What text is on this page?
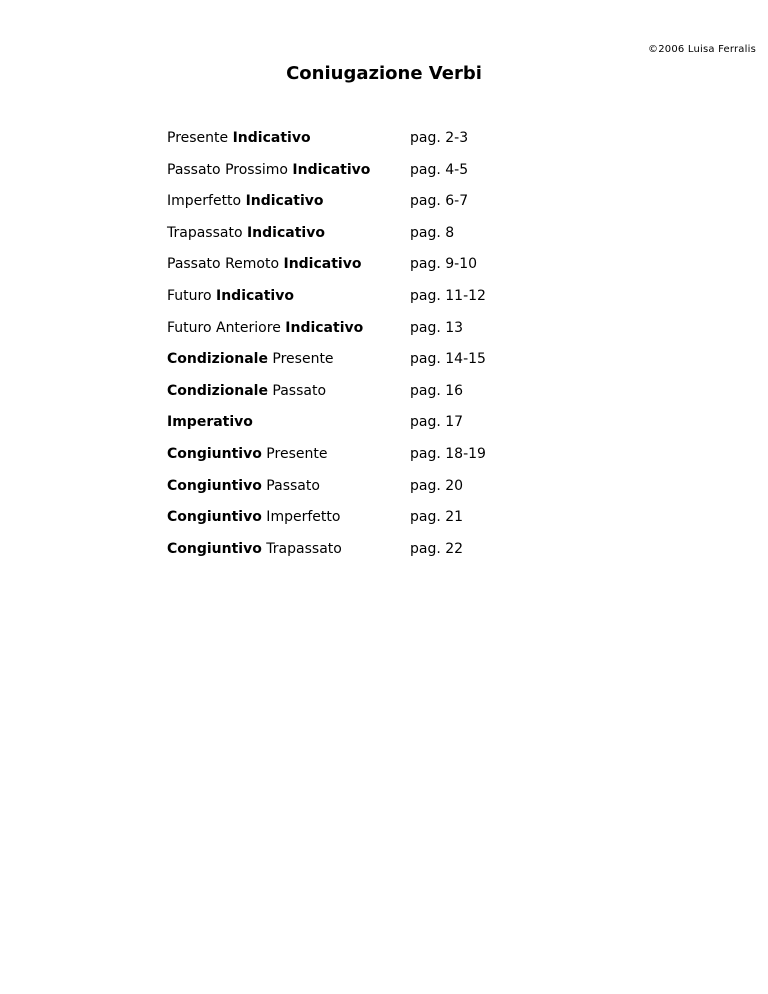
©2006 Luisa Ferralis
Coniugazione Verbi
Presente Indicativo	pag. 2-3
Passato Prossimo Indicativo	pag. 4-5
Imperfetto Indicativo	pag. 6-7
Trapassato Indicativo	pag. 8
Passato Remoto Indicativo	pag. 9-10
Futuro Indicativo	pag. 11-12
Futuro Anteriore Indicativo	pag. 13
Condizionale Presente	pag. 14-15
Condizionale Passato	pag. 16
Imperativo	pag. 17
Congiuntivo Presente	pag. 18-19
Congiuntivo Passato	pag. 20
Congiuntivo Imperfetto	pag. 21
Congiuntivo Trapassato	pag. 22
